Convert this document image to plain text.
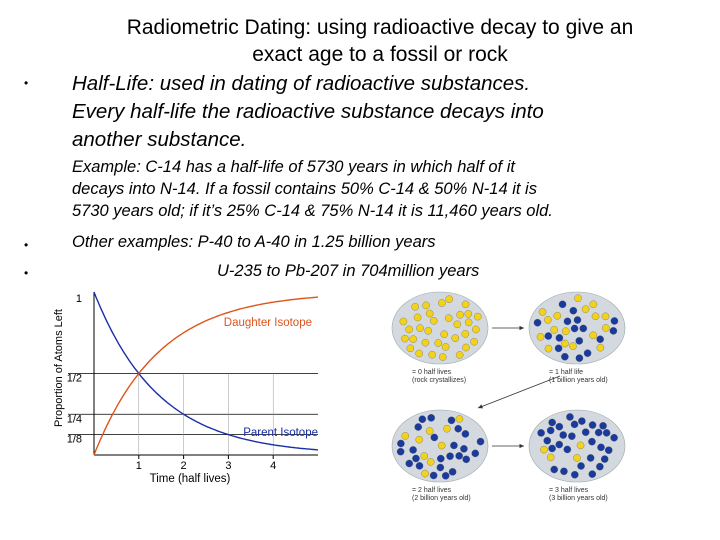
Radiometric Dating: using radioactive decay to give an
exact age to a fossil or rock
• Half-Life: used in dating of radioactive substances.
Every half-life the radioactive substance decays into
another substance.
Example: C-14 has a half-life of 5730 years in which half of it
decays into N-14. If a fossil contains 50% C-14 & 50% N-14 it is
5730 years old; if it’s 25% C-14 & 75% N-14 it is 11,460 years old.
•	Other examples: P-40 to A-40 in 1.25 billion years
•	U-235 to Pb-207 in 704million years
1
1/2
1/4
1/8
1	2	3	4
Time (half lives)
Proportion of Atoms Left	Daughter Isotope
Parent Isotope
= 0 half lives
(rock crystallizes)
= 1 half life
(1 billion years old)
= 2 half lives
(2 billion years old)
= 3 half lives
(3 billion years old)
